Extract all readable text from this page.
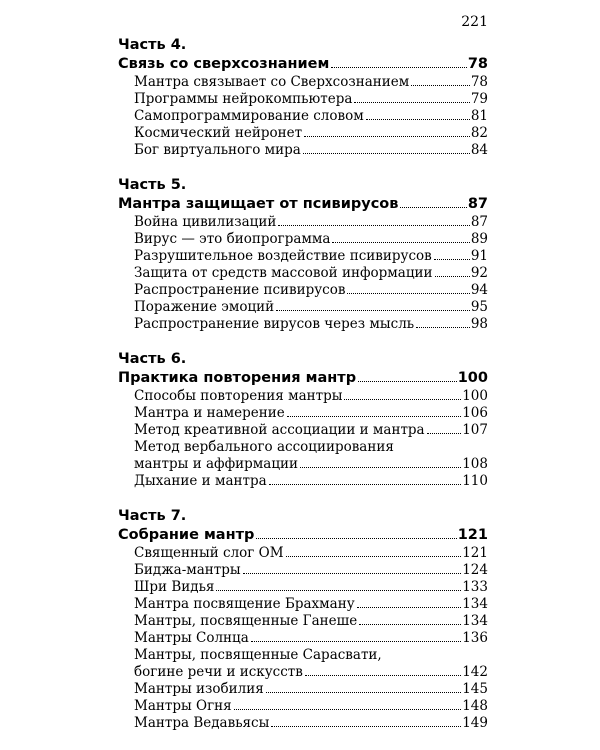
221
Часть 4.
Связь со сверхсознанием	78
Мантра связывает со Сверхсознанием	78
Программы нейрокомпьютера	79
Самопрограммирование словом	81
Космический нейронет	82
Бог виртуального мира	84
Часть 5.
Мантра защищает от псивирусов	87
Война цивилизаций	87
Вирус — это биопрограмма	89
Разрушительное воздействие псивирусов	91
Защита от средств массовой информации	92
Распространение псивирусов	94
Поражение эмоций	95
Распространение вирусов через мысль	98
Часть 6.
Практика повторения мантр	100
Способы повторения мантры	100
Мантра и намерение	106
Метод креативной ассоциации и мантра	107
Метод вербального ассоциирования
мантры и аффирмации	108
Дыхание и мантра	110
Часть 7.
Собрание мантр	121
Священный слог ОМ	121
Биджа-мантры	124
Шри Видья	133
Мантра посвящение Брахману	134
Мантры, посвященные Ганеше	134
Мантры Солнца	136
Мантры, посвященные Сарасвати,
богине речи и искусств	142
Мантры изобилия	145
Мантры Огня	148
Мантра Ведавьясы	149
